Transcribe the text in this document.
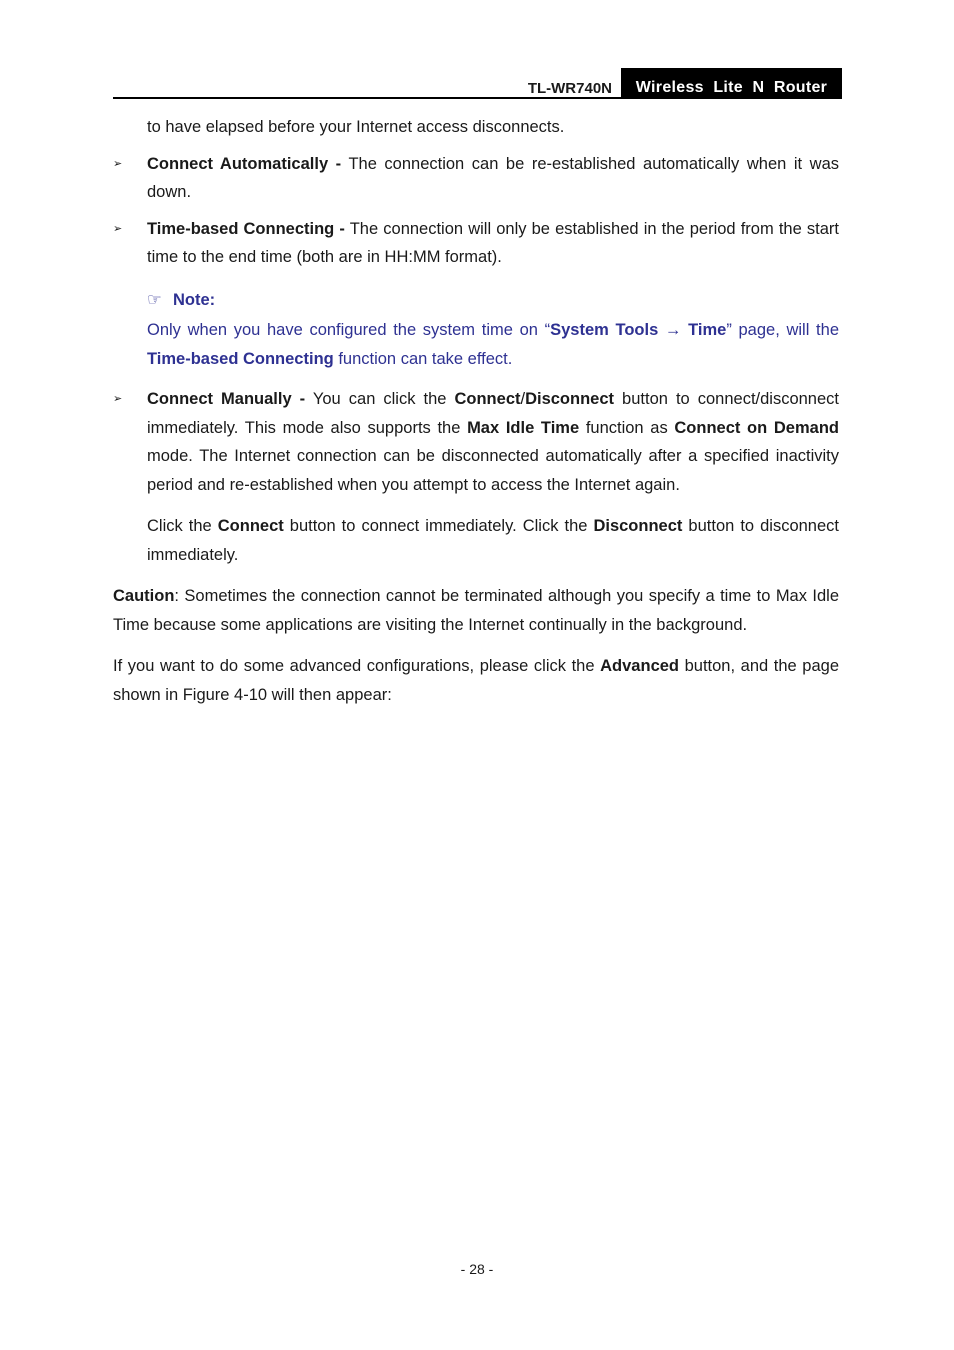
TL-WR740N	Wireless  Lite  N  Router

to have elapsed before your Internet access disconnects.

➢ Connect Automatically - The connection can be re-established automatically when it was down.

➢ Time-based Connecting - The connection will only be established in the period from the start time to the end time (both are in HH:MM format).

☞ Note:

Only when you have configured the system time on “System Tools → Time” page, will the Time-based Connecting function can take effect.

➢ Connect Manually - You can click the Connect/Disconnect button to connect/disconnect immediately. This mode also supports the Max Idle Time function as Connect on Demand mode. The Internet connection can be disconnected automatically after a specified inactivity period and re-established when you attempt to access the Internet again.

Click the Connect button to connect immediately. Click the Disconnect button to disconnect immediately.

Caution: Sometimes the connection cannot be terminated although you specify a time to Max Idle Time because some applications are visiting the Internet continually in the background.

If you want to do some advanced configurations, please click the Advanced button, and the page shown in Figure 4-10 will then appear:

- 28 -
